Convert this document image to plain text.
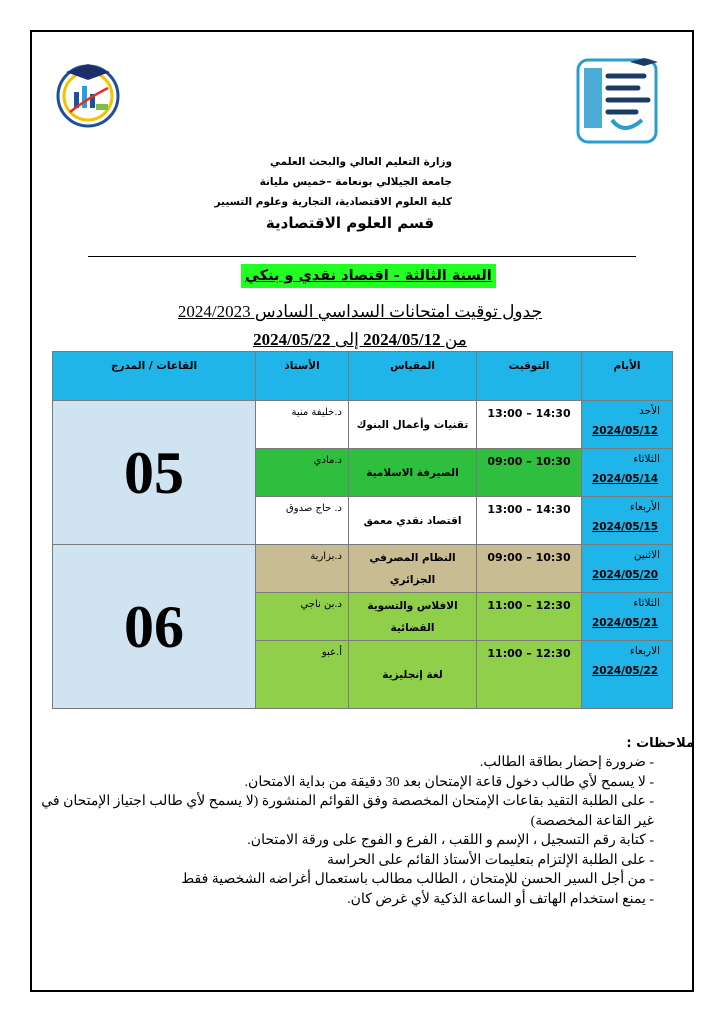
وزارة التعليم العالي والبحث العلمي
جامعة الجيلالي بونعامة –خميس مليانة
كلية العلوم الاقتصادية، التجارية وعلوم التسيير
قسم العلوم الاقتصادية
السنة الثالثة - اقتصاد نقدي و بنكي
جدول توقيت امتحانات السداسي السادس 2024/2023
من 2024/05/12 إلى 2024/05/22
الأيام	التوقيت	المقياس	الأستاذ	القاعات / المدرج
الأحد
2024/05/12	13:00 – 14:30	تقنيات وأعمال البنوك	د.خليفة منية	05

الثلاثاء
2024/05/14	09:00 – 10:30	الصيرفة الاسلامية	د.مادي	
الأربعاء
2024/05/15	13:00 – 14:30	اقتصاد نقدي معمق	د. حاج صدوق	
الاثنين
2024/05/20	09:00 – 10:30	النظام المصرفي الجزائري	د.بزارية	06

الثلاثاء
2024/05/21	11:00 – 12:30	الافلاس والتسوية القضائية	د.بن ناجي	
الاربعاء
2024/05/22	11:00 – 12:30	لغة إنجليزية	أ.عبو	
ملاحظات :
- ضرورة إحضار بطاقة الطالب.
- لا يسمح لأي طالب دخول قاعة الإمتحان بعد 30 دقيقة من بداية الامتحان.
- على الطلبة التقيد بقاعات الإمتحان المخصصة وفق القوائم المنشورة (لا يسمح لأي طالب اجتياز الإمتحان في غير القاعة المخصصة)
- كتابة رقم التسجيل ، الإسم و اللقب ، الفرع و الفوج على ورقة الامتحان.
- على الطلبة الإلتزام بتعليمات الأستاذ القائم على الحراسة
- من أجل السير الحسن للإمتحان ، الطالب مطالب باستعمال أغراضه الشخصية فقط
- يمنع استخدام الهاتف أو الساعة الذكية لأي غرض كان.
